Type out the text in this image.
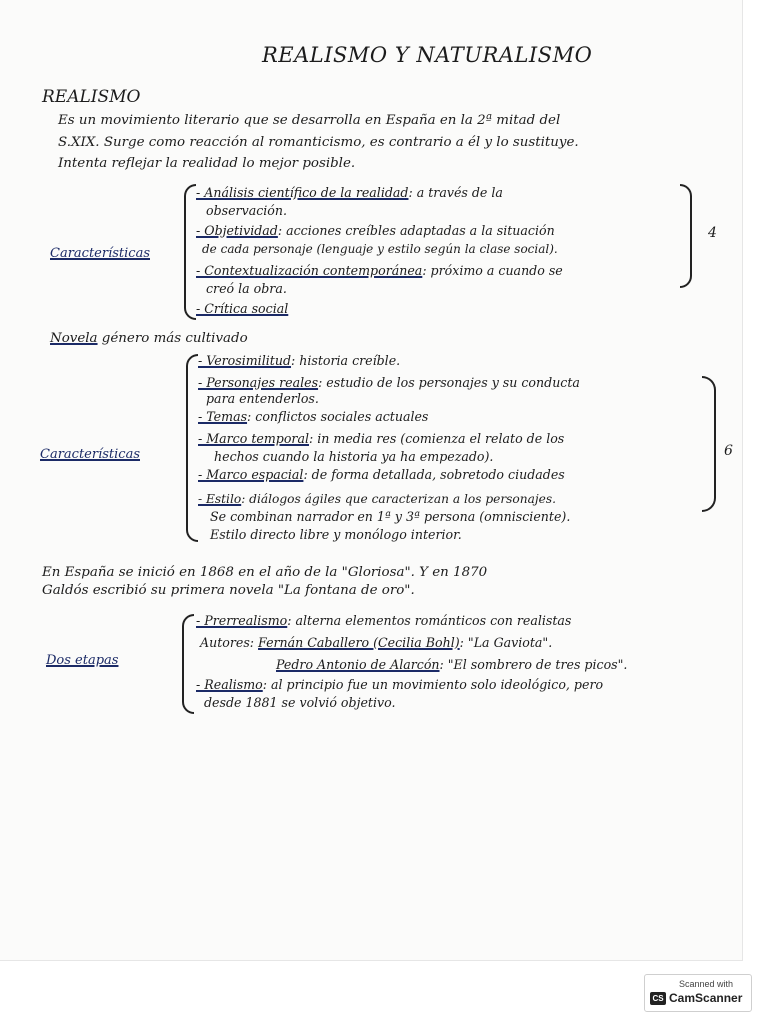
REALISMO Y NATURALISMO
REALISMO
Es un movimiento literario que se desarrolla en España en la 2ª mitad del
S.XIX. Surge como reacción al romanticismo, es contrario a él y lo sustituye.
Intenta reflejar la realidad lo mejor posible.
Características
4
- Análisis científico de la realidad: a través de la
observación.
- Objetividad: acciones creíbles adaptadas a la situación
de cada personaje (lenguaje y estilo según la clase social).
- Contextualización contemporánea: próximo a cuando se
creó la obra.
- Crítica social
Novela género más cultivado
Características	6
- Verosimilitud: historia creíble.
- Personajes reales: estudio de los personajes y su conducta
para entenderlos.
- Temas: conflictos sociales actuales
- Marco temporal: in media res (comienza el relato de los
hechos cuando la historia ya ha empezado).
- Marco espacial: de forma detallada, sobretodo ciudades
- Estilo: diálogos ágiles que caracterizan a los personajes.
Se combinan narrador en 1ª y 3ª persona (omnisciente).
Estilo directo libre y monólogo interior.
En España se inició en 1868 en el año de la "Gloriosa". Y en 1870
Galdós escribió su primera novela "La fontana de oro".
Dos etapas
- Prerrealismo: alterna elementos románticos con realistas
Autores: Fernán Caballero (Cecilia Bohl): "La Gaviota".
Pedro Antonio de Alarcón: "El sombrero de tres picos".
- Realismo: al principio fue un movimiento solo ideológico, pero
desde 1881 se volvió objetivo.
Scanned with
CS CamScanner
